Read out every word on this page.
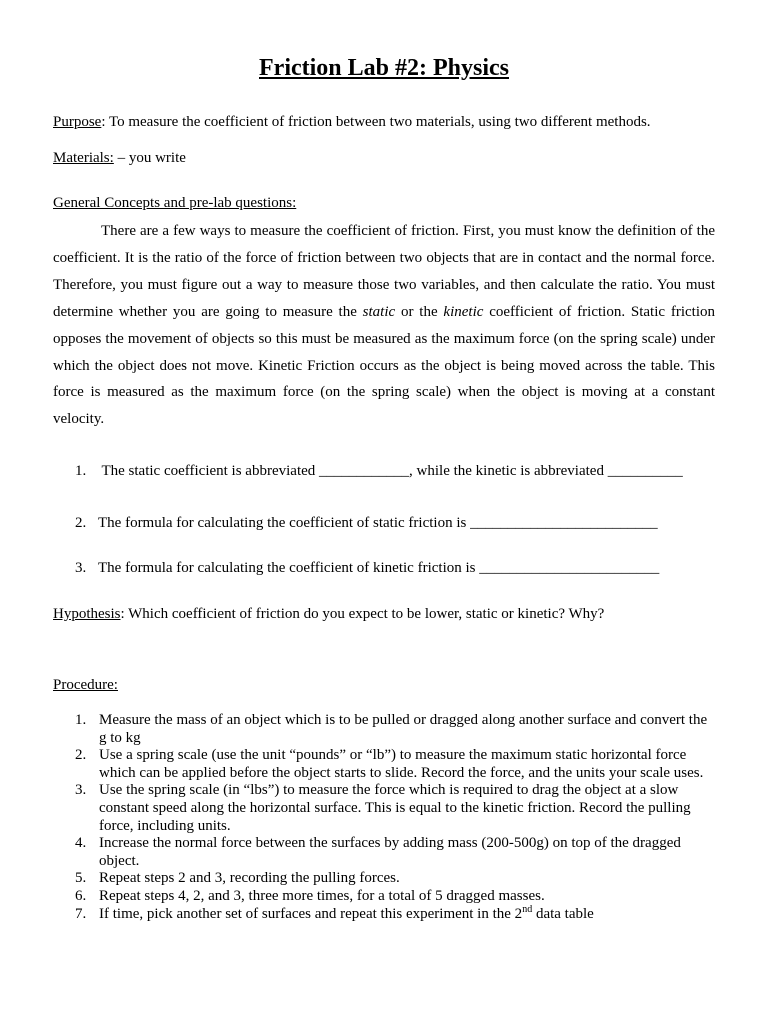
Friction Lab #2: Physics
Purpose: To measure the coefficient of friction between two materials, using two different methods.
Materials: – you write
General Concepts and pre-lab questions:
There are a few ways to measure the coefficient of friction. First, you must know the definition of the coefficient. It is the ratio of the force of friction between two objects that are in contact and the normal force. Therefore, you must figure out a way to measure those two variables, and then calculate the ratio. You must determine whether you are going to measure the static or the kinetic coefficient of friction. Static friction opposes the movement of objects so this must be measured as the maximum force (on the spring scale) under which the object does not move. Kinetic Friction occurs as the object is being moved across the table. This force is measured as the maximum force (on the spring scale) when the object is moving at a constant velocity.
1. The static coefficient is abbreviated ____________, while the kinetic is abbreviated __________
2. The formula for calculating the coefficient of static friction is _________________________
3. The formula for calculating the coefficient of kinetic friction is ________________________
Hypothesis: Which coefficient of friction do you expect to be lower, static or kinetic? Why?
Procedure:
1. Measure the mass of an object which is to be pulled or dragged along another surface and convert the g to kg
2. Use a spring scale (use the unit “pounds” or “lb”) to measure the maximum static horizontal force which can be applied before the object starts to slide. Record the force, and the units your scale uses.
3. Use the spring scale (in “lbs”) to measure the force which is required to drag the object at a slow constant speed along the horizontal surface. This is equal to the kinetic friction. Record the pulling force, including units.
4. Increase the normal force between the surfaces by adding mass (200-500g) on top of the dragged object.
5. Repeat steps 2 and 3, recording the pulling forces.
6. Repeat steps 4, 2, and 3, three more times, for a total of 5 dragged masses.
7. If time, pick another set of surfaces and repeat this experiment in the 2nd data table
